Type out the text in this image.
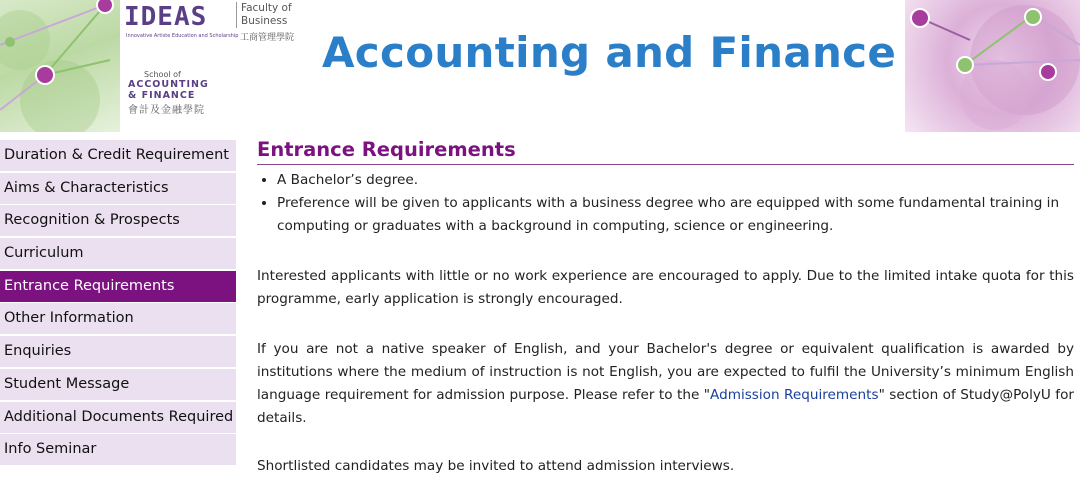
IDEAS
Innovative Artiste Education and Scholarship
Faculty of
Business
工商管理學院
School of
ACCOUNTING
& FINANCE
會計及金融學院
Accounting and Finance
Duration & Credit Requirement
Aims & Characteristics
Recognition & Prospects
Curriculum
Entrance Requirements
Other Information
Enquiries
Student Message
Additional Documents Required
Info Seminar
Entrance Requirements
• A Bachelor’s degree.
• Preference will be given to applicants with a business degree who are equipped with some fundamental training in computing or graduates with a background in computing, science or engineering.

Interested applicants with little or no work experience are encouraged to apply. Due to the limited intake quota for this programme, early application is strongly encouraged.

If you are not a native speaker of English, and your Bachelor's degree or equivalent qualification is awarded by institutions where the medium of instruction is not English, you are expected to fulfil the University’s minimum English language requirement for admission purpose. Please refer to the "Admission Requirements" section of Study@PolyU for details.

Shortlisted candidates may be invited to attend admission interviews.
